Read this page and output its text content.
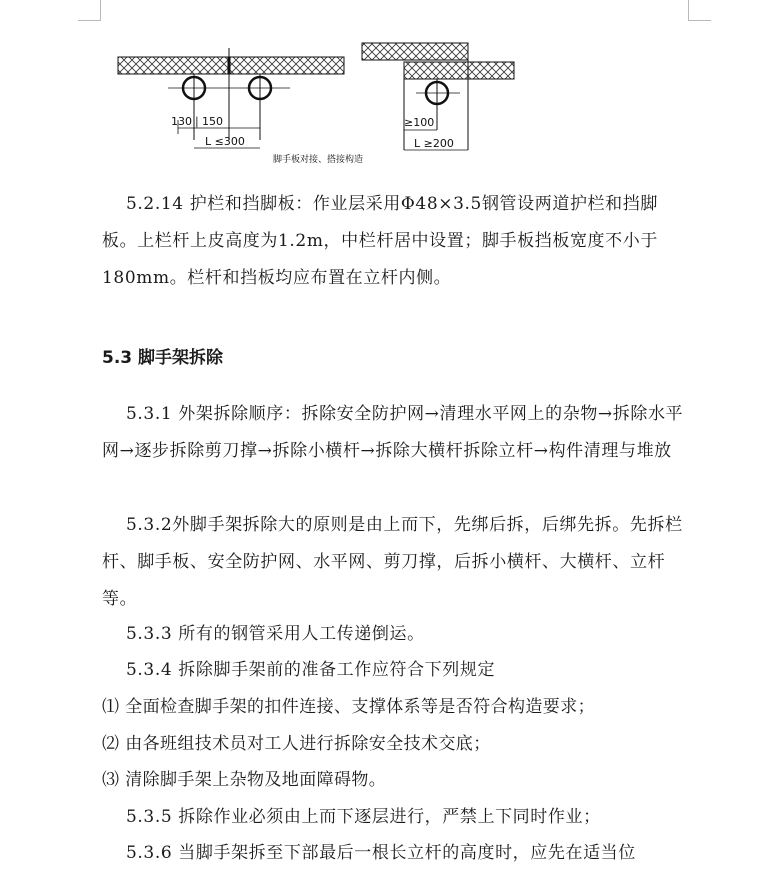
130 ∣ 150
L ≤300
≥100
L ≥200
脚手板对接、搭接构造

5.2.14 护栏和挡脚板：作业层采用Φ48×3.5钢管设两道护栏和挡脚板。上栏杆上皮高度为1.2m，中栏杆居中设置；脚手板挡板宽度不小于180mm。栏杆和挡板均应布置在立杆内侧。

5.3 脚手架拆除

5.3.1 外架拆除顺序：拆除安全防护网→清理水平网上的杂物→拆除水平网→逐步拆除剪刀撑→拆除小横杆→拆除大横杆拆除立杆→构件清理与堆放

5.3.2外脚手架拆除大的原则是由上而下，先绑后拆，后绑先拆。先拆栏杆、脚手板、安全防护网、水平网、剪刀撑，后拆小横杆、大横杆、立杆等。

5.3.3 所有的钢管采用人工传递倒运。

5.3.4 拆除脚手架前的准备工作应符合下列规定

⑴ 全面检查脚手架的扣件连接、支撑体系等是否符合构造要求；

⑵ 由各班组技术员对工人进行拆除安全技术交底；

⑶ 清除脚手架上杂物及地面障碍物。

5.3.5 拆除作业必须由上而下逐层进行，严禁上下同时作业；

5.3.6 当脚手架拆至下部最后一根长立杆的高度时，应先在适当位
